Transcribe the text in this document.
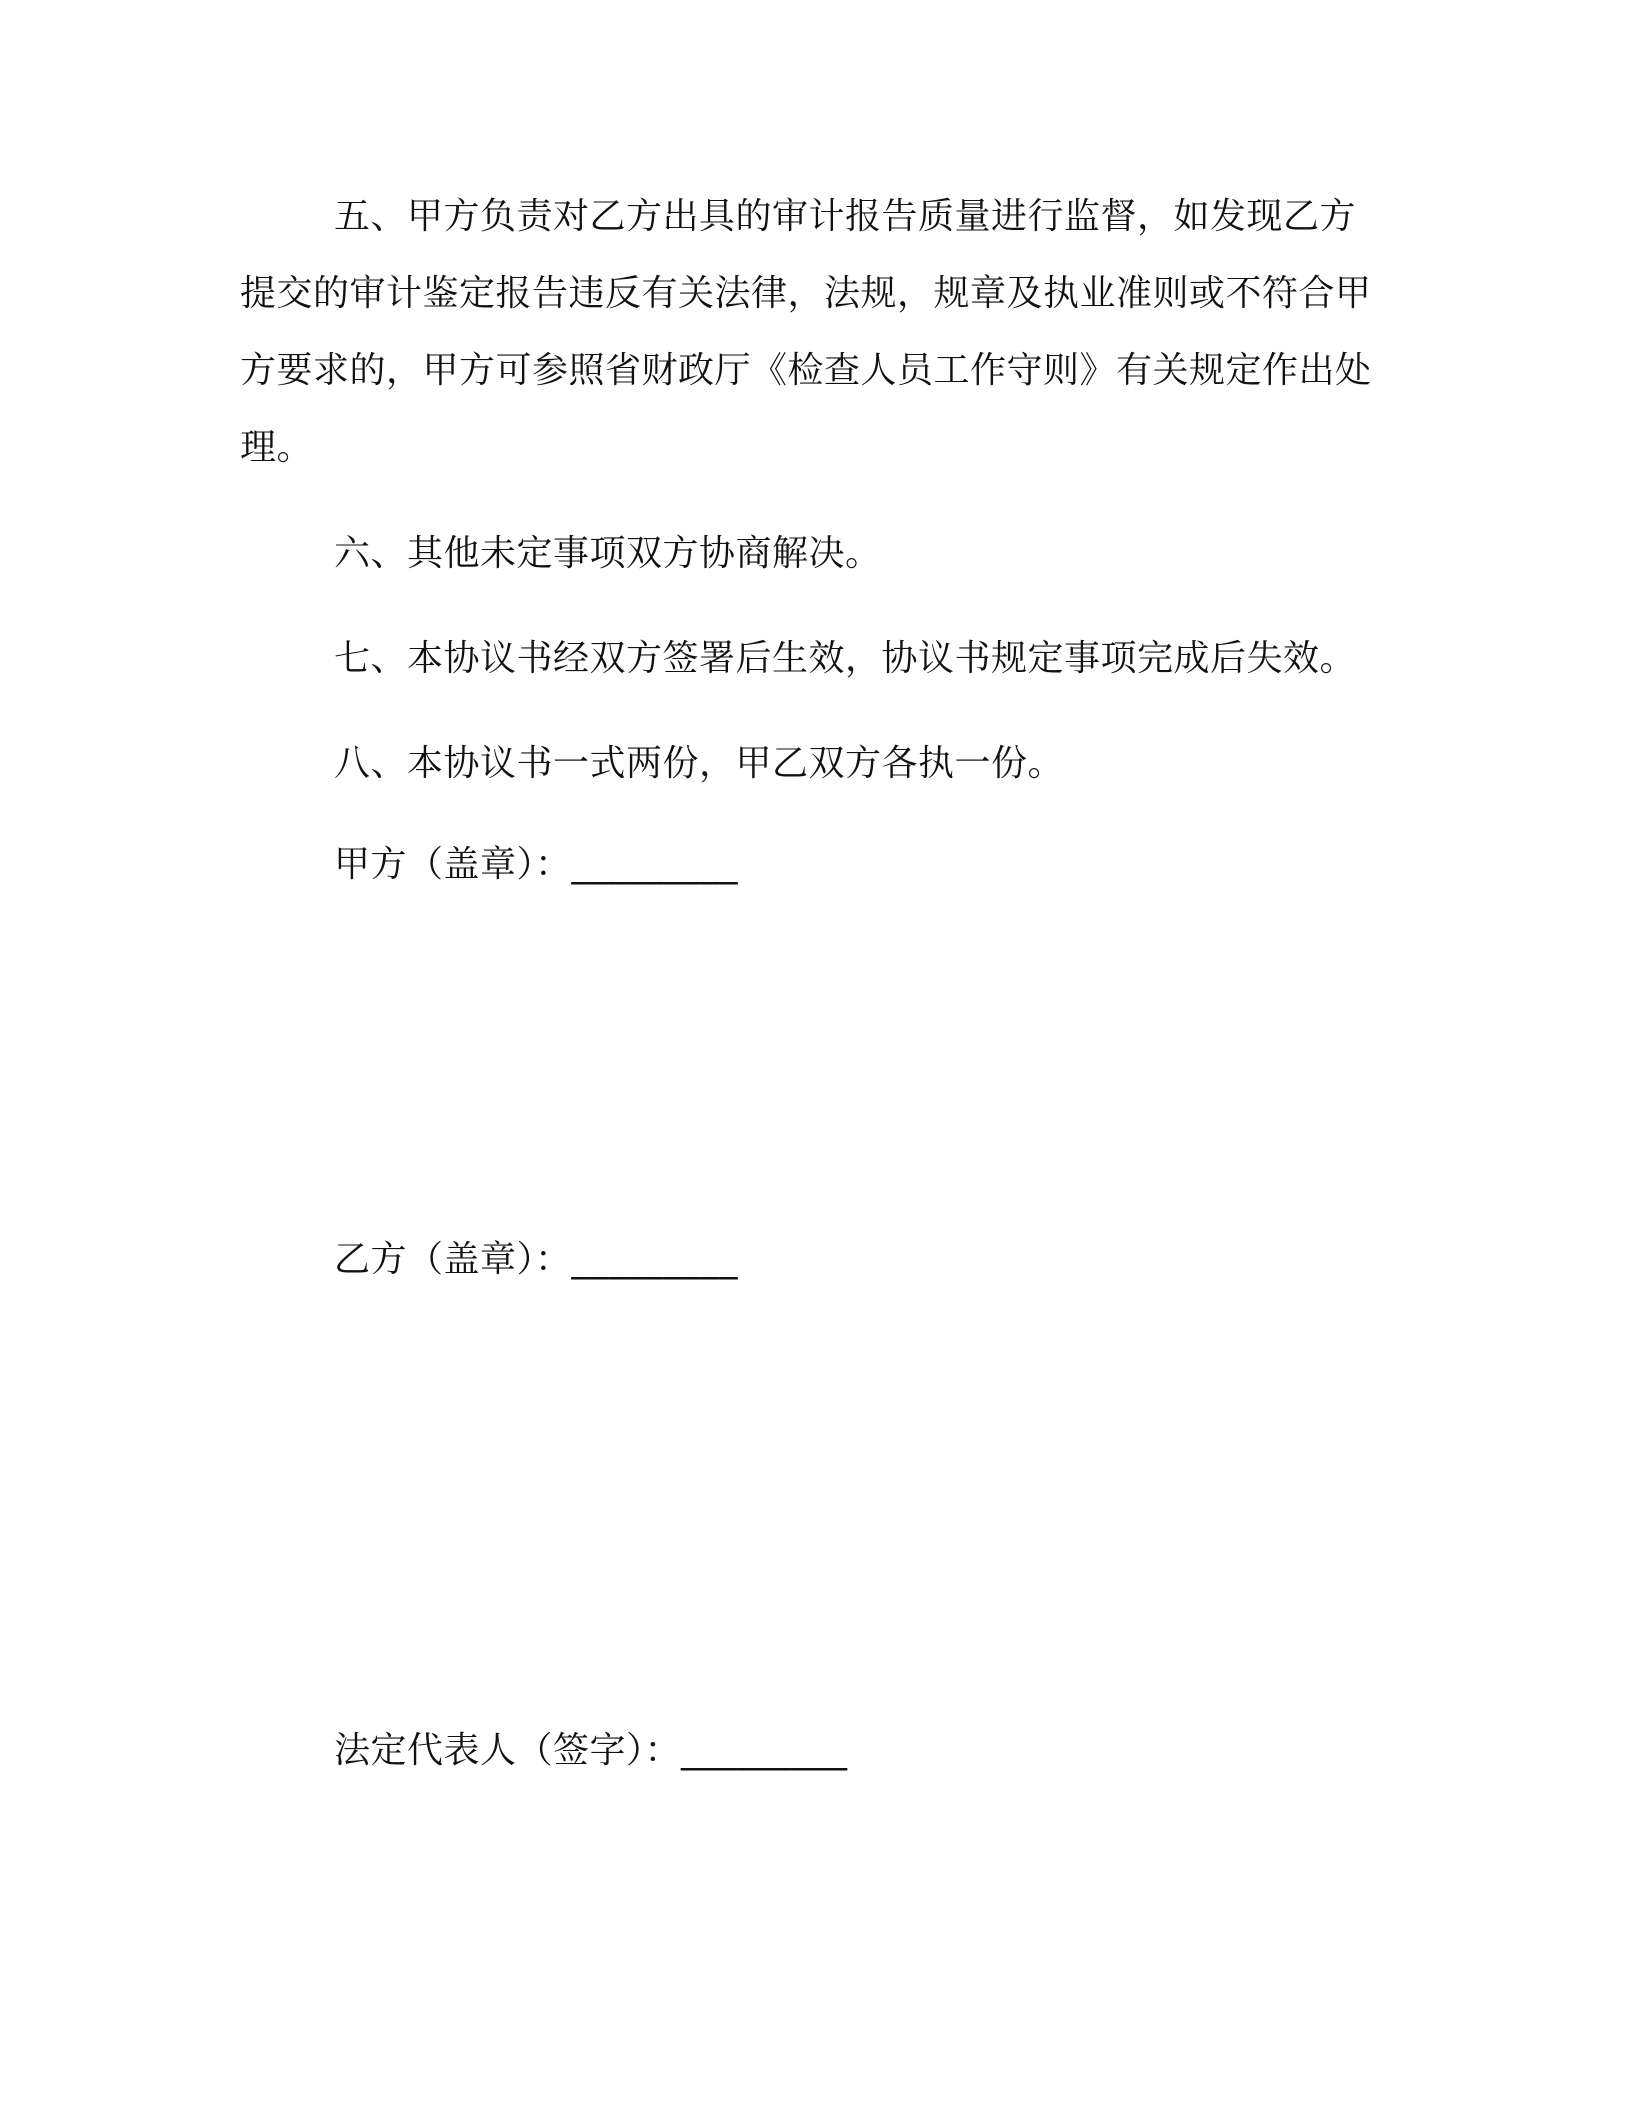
五、甲方负责对乙方出具的审计报告质量进行监督，如发现乙方提交的审计鉴定报告违反有关法律，法规，规章及执业准则或不符合甲方要求的，甲方可参照省财政厅《检查人员工作守则》有关规定作出处理。

六、其他未定事项双方协商解决。

七、本协议书经双方签署后生效，协议书规定事项完成后失效。

八、本协议书一式两份，甲乙双方各执一份。

甲方（盖章）：_________

乙方（盖章）：_________

法定代表人（签字）：_________
